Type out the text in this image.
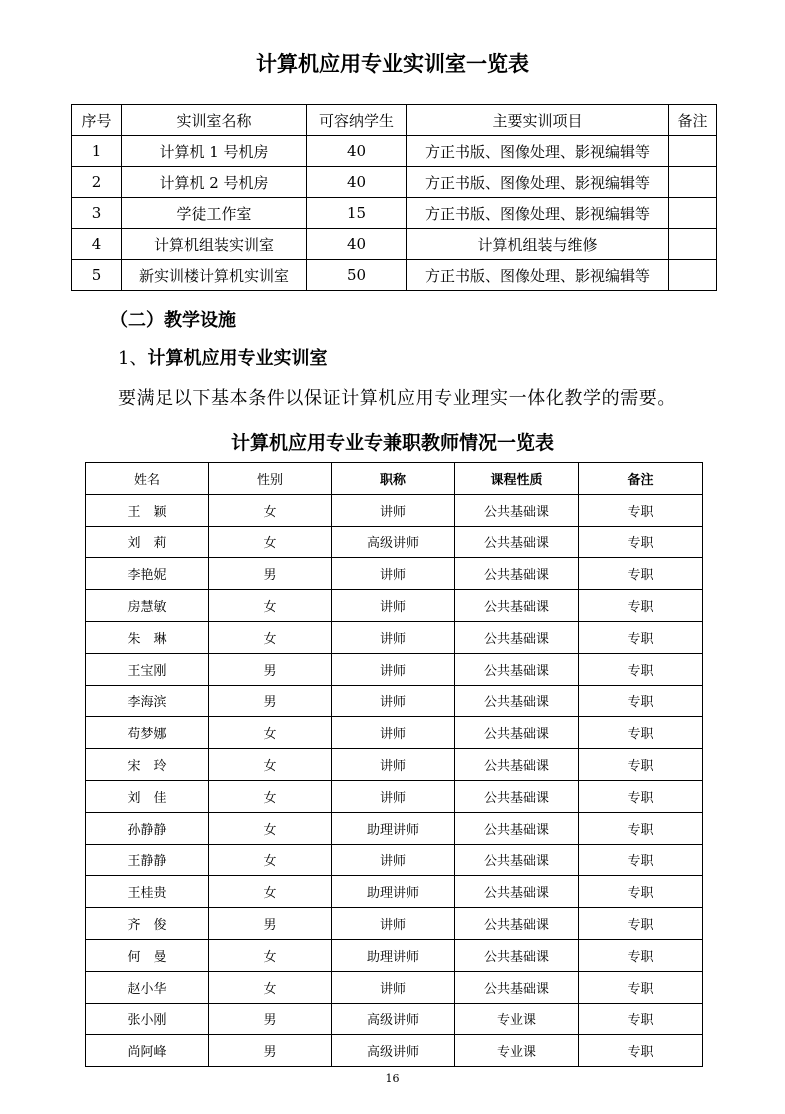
计算机应用专业实训室一览表
序号	实训室名称	可容纳学生	主要实训项目	备注
1	计算机 1 号机房	40	方正书版、图像处理、影视编辑等	
2	计算机 2 号机房	40	方正书版、图像处理、影视编辑等	
3	学徒工作室	15	方正书版、图像处理、影视编辑等	
4	计算机组装实训室	40	计算机组装与维修	
5	新实训楼计算机实训室	50	方正书版、图像处理、影视编辑等	
（二）教学设施
1、计算机应用专业实训室
要满足以下基本条件以保证计算机应用专业理实一体化教学的需要。
计算机应用专业专兼职教师情况一览表
姓名	性别	职称	课程性质	备注
王　颖	女	讲师	公共基础课	专职
刘　莉	女	高级讲师	公共基础课	专职
李艳妮	男	讲师	公共基础课	专职
房慧敏	女	讲师	公共基础课	专职
朱　琳	女	讲师	公共基础课	专职
王宝刚	男	讲师	公共基础课	专职
李海滨	男	讲师	公共基础课	专职
苟梦娜	女	讲师	公共基础课	专职
宋　玲	女	讲师	公共基础课	专职
刘　佳	女	讲师	公共基础课	专职
孙静静	女	助理讲师	公共基础课	专职
王静静	女	讲师	公共基础课	专职
王桂贵	女	助理讲师	公共基础课	专职
齐　俊	男	讲师	公共基础课	专职
何　曼	女	助理讲师	公共基础课	专职
赵小华	女	讲师	公共基础课	专职
张小刚	男	高级讲师	专业课	专职
尚阿峰	男	高级讲师	专业课	专职
16
